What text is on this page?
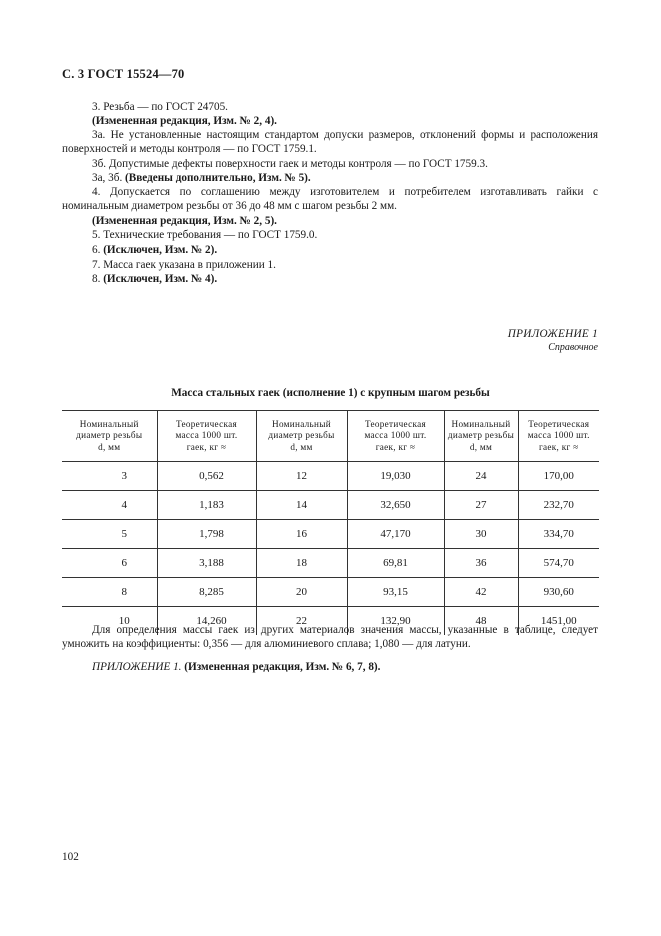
С. 3 ГОСТ 15524—70
3. Резьба — по ГОСТ 24705.
(Измененная редакция, Изм. № 2, 4).
3а. Не установленные настоящим стандартом допуски размеров, отклонений формы и расположения поверхностей и методы контроля — по ГОСТ 1759.1.
3б. Допустимые дефекты поверхности гаек и методы контроля — по ГОСТ 1759.3.
3а, 3б. (Введены дополнительно, Изм. № 5).
4. Допускается по соглашению между изготовителем и потребителем изготавливать гайки с номинальным диаметром резьбы от 36 до 48 мм с шагом резьбы 2 мм.
(Измененная редакция, Изм. № 2, 5).
5. Технические требования — по ГОСТ 1759.0.
6. (Исключен, Изм. № 2).
7. Масса гаек указана в приложении 1.
8. (Исключен, Изм. № 4).
ПРИЛОЖЕНИЕ 1
Справочное
Масса стальных гаек (исполнение 1) с крупным шагом резьбы
Номинальный
диаметр резьбы
d, мм	Теоретическая
масса 1000 шт.
гаек, кг ≈	Номинальный
диаметр резьбы
d, мм	Теоретическая
масса 1000 шт.
гаек, кг ≈	Номинальный
диаметр резьбы
d, мм	Теоретическая
масса 1000 шт.
гаек, кг ≈
3	0,562	12	19,030	24	170,00
4	1,183	14	32,650	27	232,70
5	1,798	16	47,170	30	334,70
6	3,188	18	69,81	36	574,70
8	8,285	20	93,15	42	930,60
10	14,260	22	132,90	48	1451,00
Для определения массы гаек из других материалов значения массы, указанные в таблице, следует умножить на коэффициенты: 0,356 — для алюминиевого сплава; 1,080 — для латуни.
ПРИЛОЖЕНИЕ 1. (Измененная редакция, Изм. № 6, 7, 8).
102
